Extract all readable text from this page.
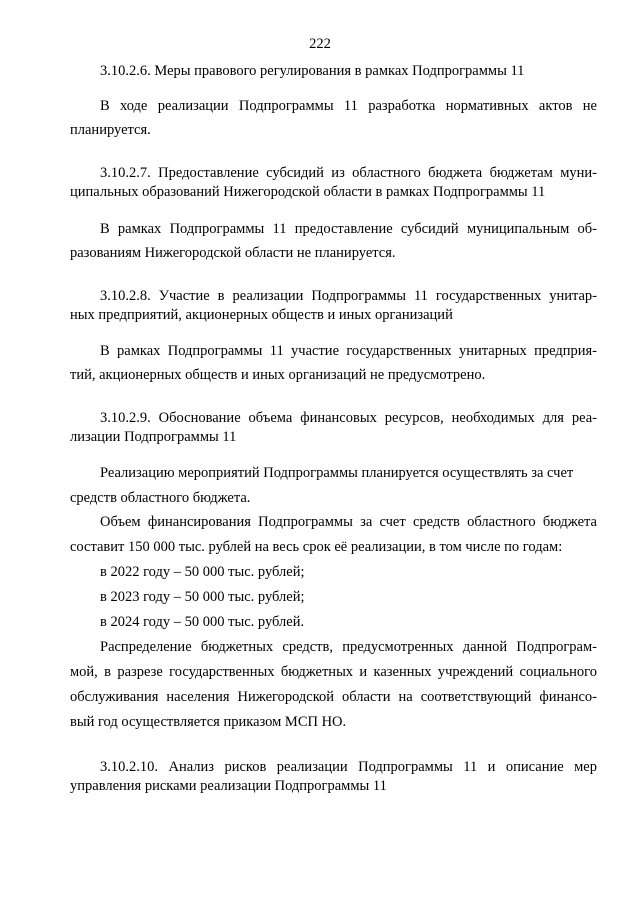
222
3.10.2.6. Меры правового регулирования в рамках Подпрограммы 11
В ходе реализации Подпрограммы 11 разработка нормативных актов не
планируется.
3.10.2.7. Предоставление субсидий из областного бюджета бюджетам муни-
ципальных образований Нижегородской области в рамках Подпрограммы 11
В рамках Подпрограммы 11 предоставление субсидий муниципальным об-
разованиям Нижегородской области не планируется.
3.10.2.8. Участие в реализации Подпрограммы 11 государственных унитар-
ных предприятий, акционерных обществ и иных организаций
В рамках Подпрограммы 11 участие государственных унитарных предприя-
тий, акционерных обществ и иных организаций не предусмотрено.
3.10.2.9. Обоснование объема финансовых ресурсов, необходимых для реа-
лизации Подпрограммы 11
Реализацию мероприятий Подпрограммы планируется осуществлять за счет
средств областного бюджета.
Объем финансирования Подпрограммы за счет средств областного бюджета
составит 150 000 тыс. рублей на весь срок её реализации, в том числе по годам:
в 2022 году – 50 000 тыс. рублей;
в 2023 году – 50 000 тыс. рублей;
в 2024 году – 50 000 тыс. рублей.
Распределение бюджетных средств, предусмотренных данной Подпрограм-
мой, в разрезе государственных бюджетных и казенных учреждений социального
обслуживания населения Нижегородской области на соответствующий финансо-
вый год осуществляется приказом МСП НО.
3.10.2.10. Анализ рисков реализации Подпрограммы 11 и описание мер
управления рисками реализации Подпрограммы 11
